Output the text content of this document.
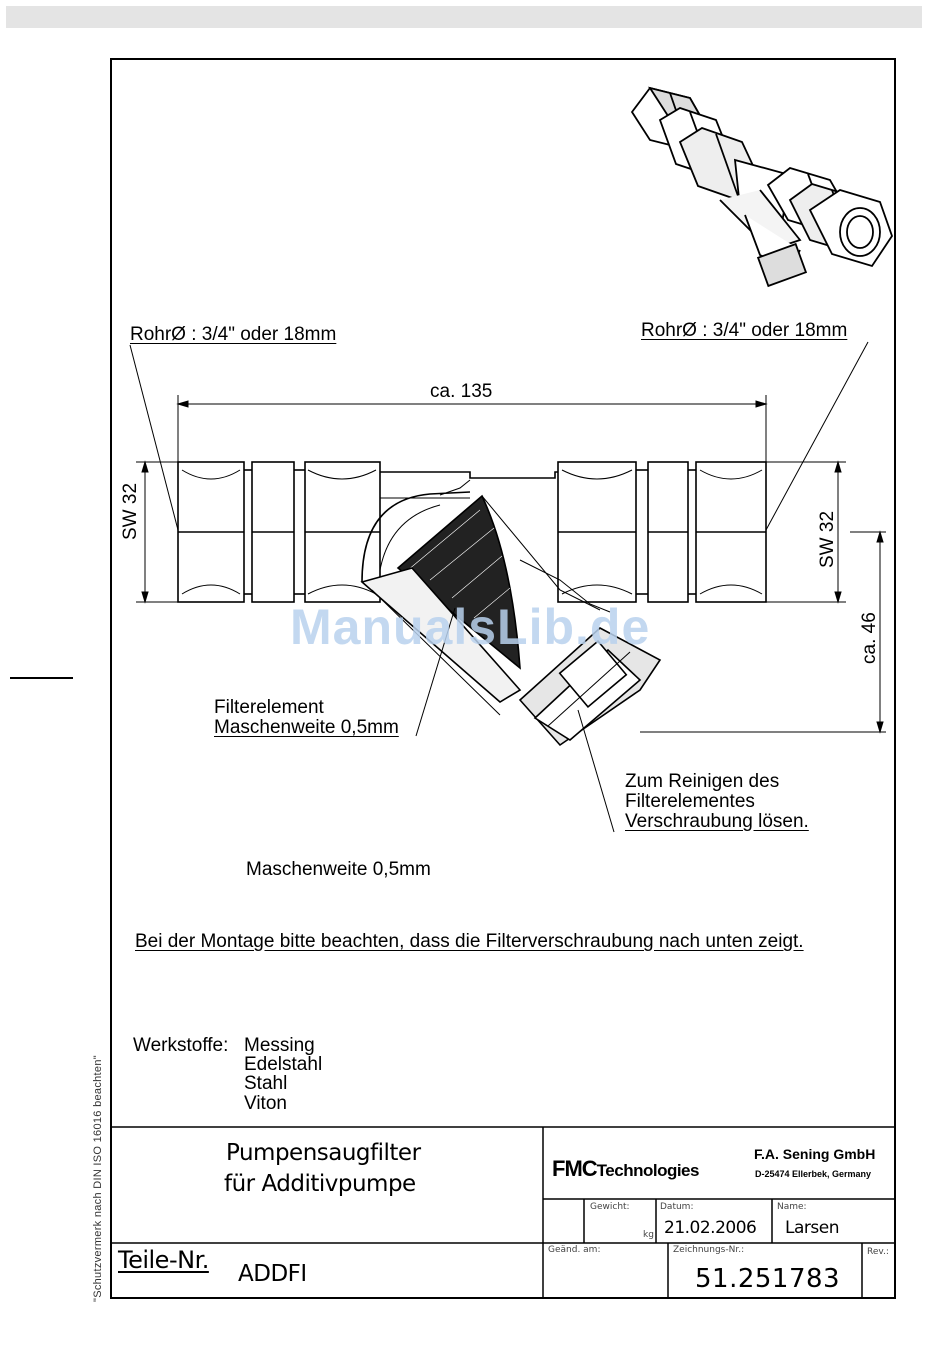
"Schutzvermerk nach DIN ISO 16016 beachten"
RohrØ : 3/4" oder 18mm	RohrØ : 3/4" oder 18mm
ca. 135
SW 32	SW 32
ca. 46
Filterelement
Maschenweite 0,5mm
Zum Reinigen des
Filterelementes
Verschraubung lösen.
Maschenweite 0,5mm
Bei der Montage bitte beachten, dass die Filterverschraubung nach unten zeigt.
Werkstoffe: Messing
Edelstahl
Stahl
Viton
ManualsLib.de
Pumpensaugfilter
für Additivpumpe
FMCTechnologies
F.A. Sening GmbH
D-25474 Ellerbek, Germany
Gewicht:
kg
Datum:
21.02.2006
Name:
Larsen
Teile-Nr. ADDFI
Geänd. am:	Zeichnungs-Nr.:
51.251783
Rev.:
